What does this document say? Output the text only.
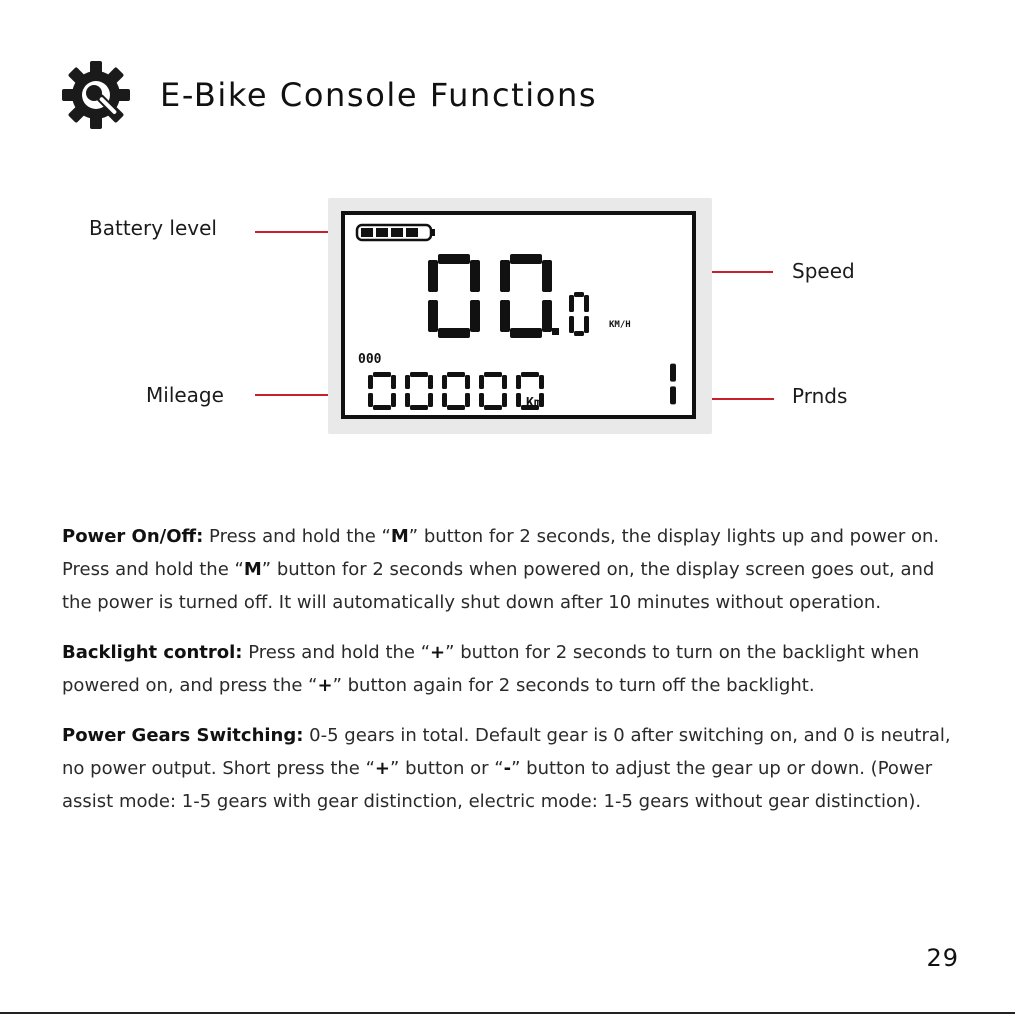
E-Bike Console Functions
Battery level
Speed
Mileage	Prnds
KM/H
000
Km

Power On/Off: Press and hold the “M” button for 2 seconds, the display lights up and power on. Press and hold the “M” button for 2 seconds when powered on, the display screen goes out, and the power is turned off. It will automatically shut down after 10 minutes without operation.

Backlight control: Press and hold the “+” button for 2 seconds to turn on the backlight when powered on, and press the “+” button again for 2 seconds to turn off the backlight.

Power Gears Switching: 0-5 gears in total. Default gear is 0 after switching on, and 0 is neutral, no power output. Short press the “+” button or “-” button to adjust the gear up or down. (Power assist mode: 1-5 gears with gear distinction, electric mode: 1-5 gears without gear distinction).

29
